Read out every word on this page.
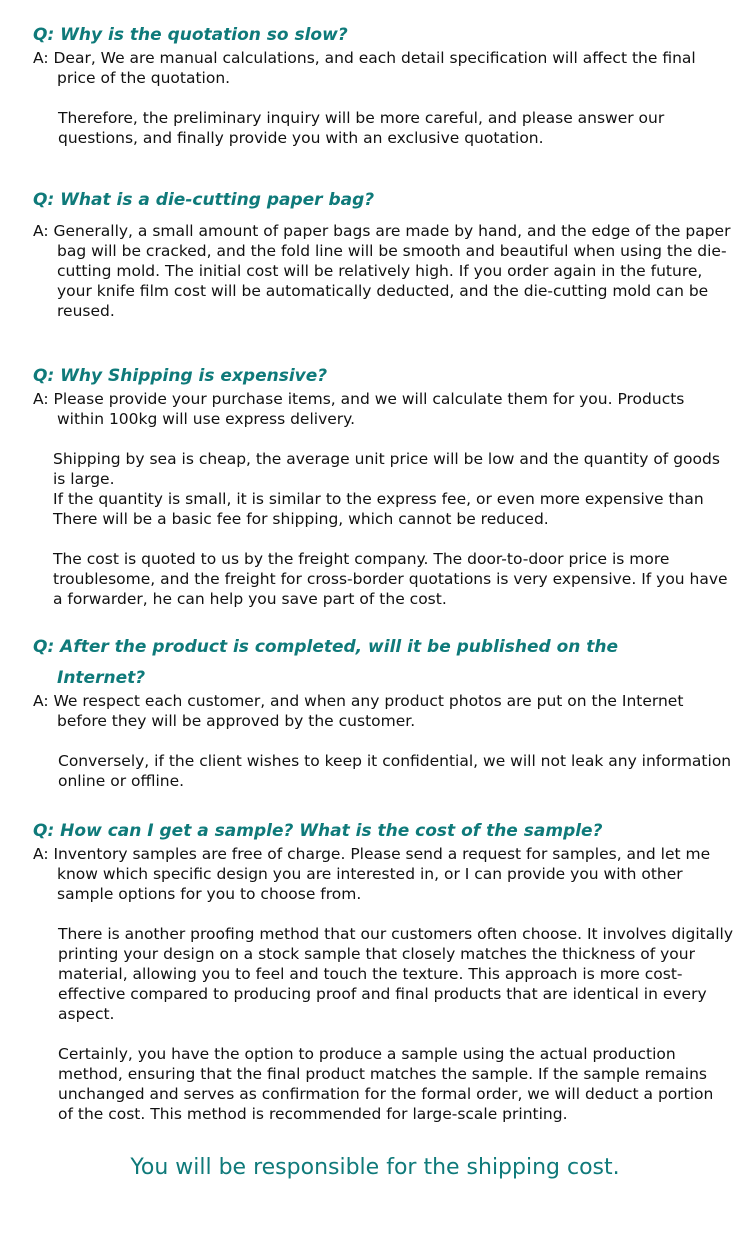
Q: Why is the quotation so slow?
A: Dear, We are manual calculations, and each detail specification will affect the final price of the quotation.
Therefore, the preliminary inquiry will be more careful, and please answer our questions, and finally provide you with an exclusive quotation.
Q: What is a die-cutting paper bag?
A: Generally, a small amount of paper bags are made by hand, and the edge of the paper bag will be cracked, and the fold line will be smooth and beautiful when using the die-cutting mold. The initial cost will be relatively high. If you order again in the future, your knife film cost will be automatically deducted, and the die-cutting mold can be reused.
Q: Why Shipping is expensive?
A: Please provide your purchase items, and we will calculate them for you. Products within 100kg will use express delivery.
Shipping by sea is cheap, the average unit price will be low and the quantity of goods is large.
If the quantity is small, it is similar to the express fee, or even more expensive than There will be a basic fee for shipping, which cannot be reduced.
The cost is quoted to us by the freight company. The door-to-door price is more troublesome, and the freight for cross-border quotations is very expensive. If you have a forwarder, he can help you save part of the cost.
Q: After the product is completed, will it be published on the
Internet?
A: We respect each customer, and when any product photos are put on the Internet before they will be approved by the customer.
Conversely, if the client wishes to keep it confidential, we will not leak any information online or offline.
Q: How can I get a sample? What is the cost of the sample?
A: Inventory samples are free of charge. Please send a request for samples, and let me know which specific design you are interested in, or I can provide you with other sample options for you to choose from.
There is another proofing method that our customers often choose. It involves digitally printing your design on a stock sample that closely matches the thickness of your material, allowing you to feel and touch the texture. This approach is more cost-effective compared to producing proof and final products that are identical in every aspect.
Certainly, you have the option to produce a sample using the actual production method, ensuring that the final product matches the sample. If the sample remains unchanged and serves as confirmation for the formal order, we will deduct a portion of the cost. This method is recommended for large-scale printing.
You will be responsible for the shipping cost.
